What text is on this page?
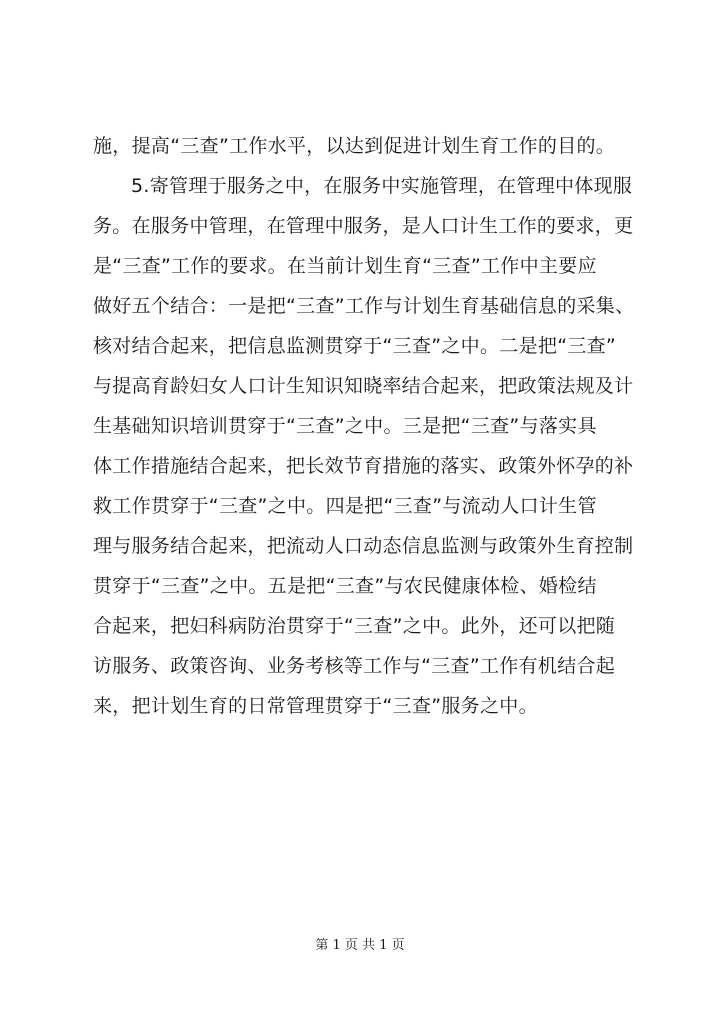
施，提高“三查”工作水平，以达到促进计划生育工作的目的。
5.寄管理于服务之中，在服务中实施管理，在管理中体现服
务。在服务中管理，在管理中服务，是人口计生工作的要求，更
是“三查”工作的要求。在当前计划生育“三查”工作中主要应
做好五个结合：一是把“三查”工作与计划生育基础信息的采集、
核对结合起来，把信息监测贯穿于“三查”之中。二是把“三查”
与提高育龄妇女人口计生知识知晓率结合起来，把政策法规及计
生基础知识培训贯穿于“三查”之中。三是把“三查”与落实具
体工作措施结合起来，把长效节育措施的落实、政策外怀孕的补
救工作贯穿于“三查”之中。四是把“三查”与流动人口计生管
理与服务结合起来，把流动人口动态信息监测与政策外生育控制
贯穿于“三查”之中。五是把“三查”与农民健康体检、婚检结
合起来，把妇科病防治贯穿于“三查”之中。此外，还可以把随
访服务、政策咨询、业务考核等工作与“三查”工作有机结合起
来，把计划生育的日常管理贯穿于“三查”服务之中。
第 1 页 共 1 页
